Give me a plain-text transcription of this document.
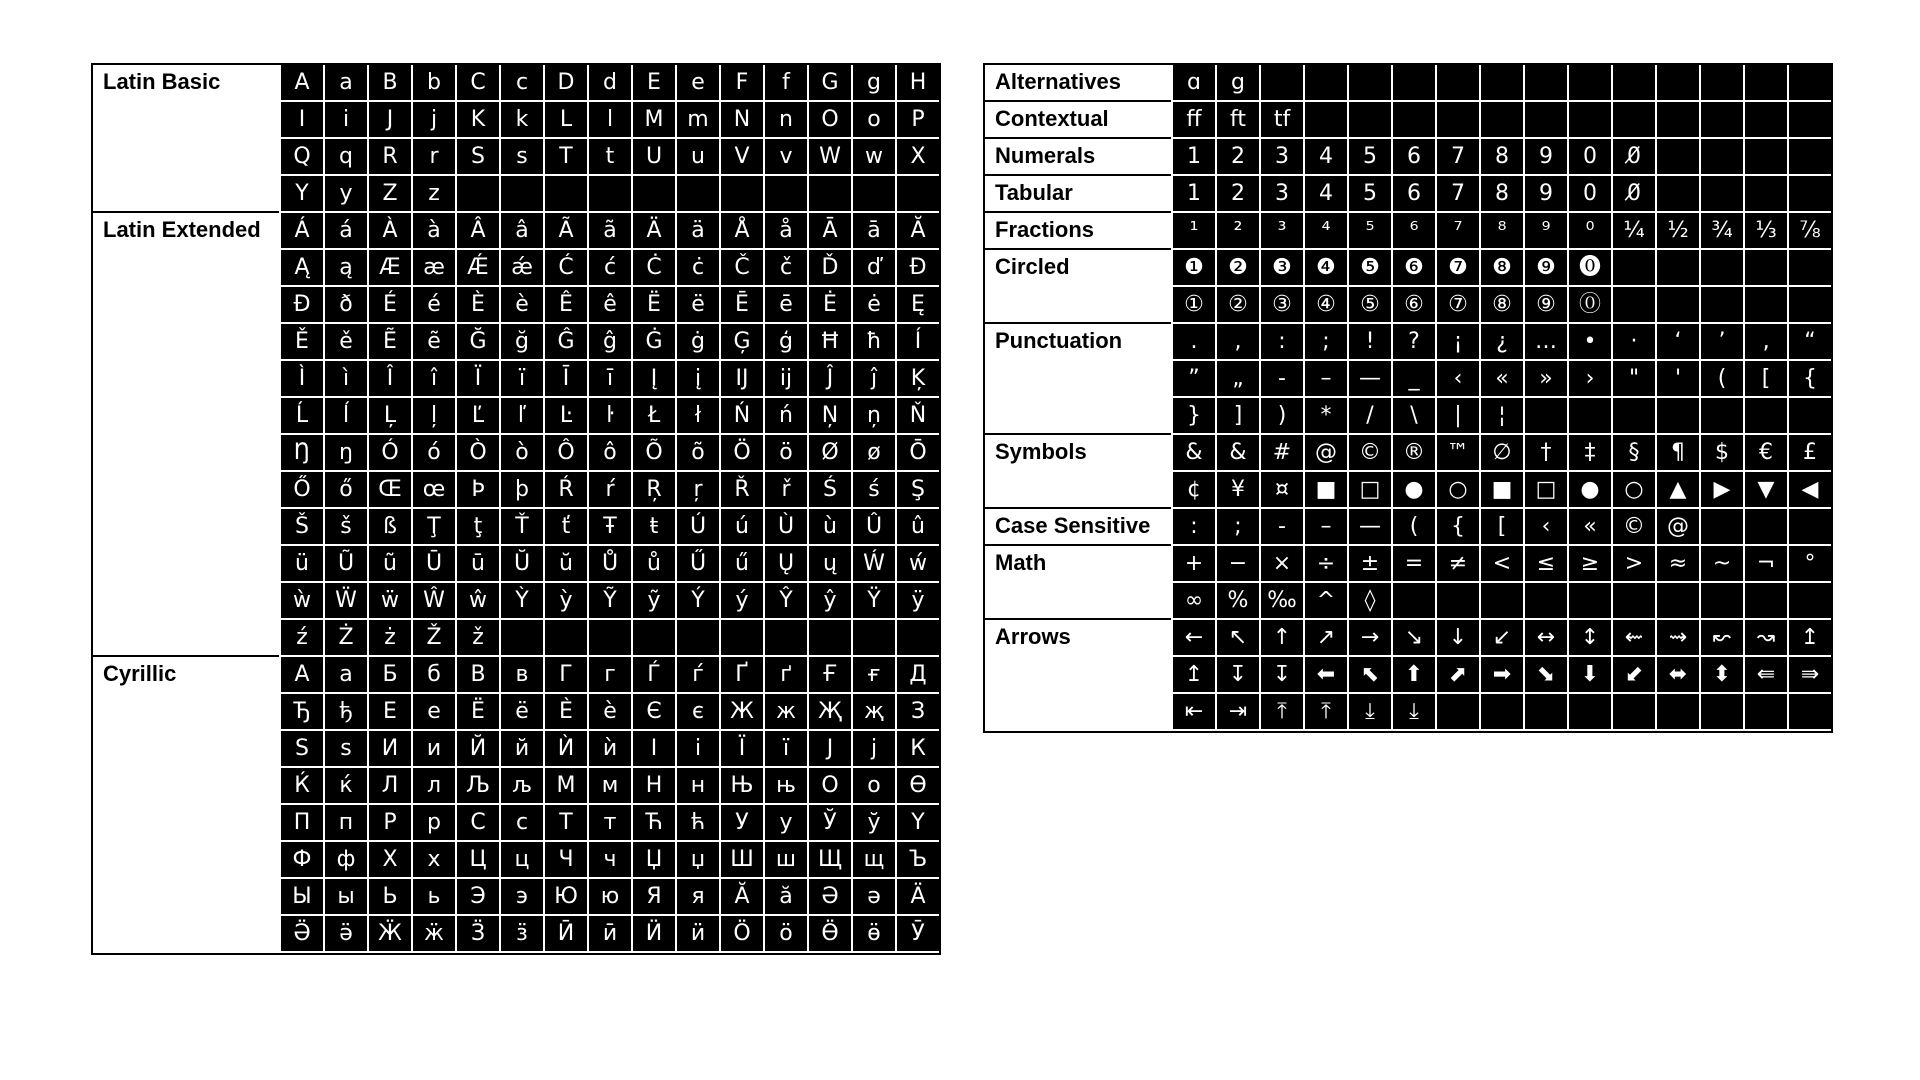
Latin Basic	A	a	B	b	C	c	D	d	E	e	F	f	G	g	H
I	i	J	j	K	k	L	l	M	m	N	n	O	o	P
Q	q	R	r	S	s	T	t	U	u	V	v	W	w	X
Y	y	Z	z
Latin Extended	Á	á	À	à	Â	â	Ã	ã	Ä	ä	Å	å	Ā	ā	Ă
Ą	ą	Æ	æ	Ǽ	ǽ	Ć	ć	Ċ	ċ	Č	č	Ď	ď	Đ
Ð	ð	É	é	È	è	Ê	ê	Ë	ë	Ē	ē	Ė	ė	Ę
Ě	ě	Ẽ	ẽ	Ğ	ğ	Ĝ	ĝ	Ġ	ġ	Ģ	ģ	Ħ	ħ	Í
Ì	ì	Î	î	Ï	ï	Ī	ī	Į	į	Ĳ	ĳ	Ĵ	ĵ	Ķ
Ĺ	ĺ	Ļ	ļ	Ľ	ľ	Ŀ	ŀ	Ł	ł	Ń	ń	Ņ	ņ	Ň
Ŋ	ŋ	Ó	ó	Ò	ò	Ô	ô	Õ	õ	Ö	ö	Ø	ø	Ō
Ő	ő	Œ œ	Þ	þ	Ŕ	ŕ	Ŗ	ŗ	Ř	ř	Ś	ś	Ş
Š	š	ß	Ţ	ţ	Ť	ť	Ŧ	ŧ	Ú	ú	Ù	ù	Û	û
ü	Ũ	ũ	Ū	ū	Ŭ	ŭ	Ů	ů	Ű	ű	Ų	ų	Ẃ	ẃ
ẁ	Ẅ	ẅ	Ŵ	ŵ	Ỳ	ỳ	Ỹ	ỹ	Ý	ý	Ŷ	ŷ	Ÿ	ÿ
ź	Ż	ż	Ž	ž
Cyrillic	А	а	Б	б	В	в	Г	г	Ѓ	ѓ	Ґ	ґ	Ғ	ғ	Д
Ђ	ђ	Е	е	Ё	ё	Ѐ	ѐ	Є	є	Ж	ж	Җ	җ	З
Ѕ	ѕ	И	и	Й	й	Ѝ	ѝ	І	і	Ї	ї	Ј	ј	К
Ќ	ќ	Л	л	Љ	љ	М	м	Н	н	Њ	њ	О	о	Ө
П	п	Р	р	С	с	Т	т	Ћ	ћ	У	у	Ў	ў	Ү
Ф	ф	Х	х	Ц	ц	Ч	ч	Џ	џ	Ш	ш Щ щ	Ъ
Ы	ы	Ь	ь	Э	э	Ю	ю	Я	я	Ӑ	ӑ	Ә	ә	Ӓ
Ӛ	ӛ	Ӝ	ӝ	Ӟ	ӟ	Ӣ	ӣ	Ӥ	ӥ	Ӧ	ӧ	Ӫ	ӫ	Ӯ
Alternatives	ɑ	g
Contextual	ff	ft	tf
Numerals	1	2	3	4	5	6	7	8	9	0	0̸
Tabular	1	2	3	4	5	6	7	8	9	0	0̸
Fractions	¹	²	³	⁴	⁵	⁶	⁷	⁸	⁹	⁰	¼	½	¾	⅓	⅞
Circled	❶	❷	❸	❹	❺	❻	❼	❽	❾	⓿
①	②	③	④	⑤	⑥	⑦	⑧	⑨	⓪
Punctuation	.	,	:	;	!	?	¡	¿	…	•	·	‘	’	‚	“
”	„	-	–	—	_	‹	«	»	›	"	'	(	[	{
}	]	)	*	/	\	|	¦
Symbols	&	&	#	@	©	®	™	∅	†	‡	§	¶	$	€	£
¢	¥	¤	■	□	●	○	■	□	●	○	▲	▶	▼	◀
Case Sensitive	:	;	-	–	—	(	{	[	‹	«	©	@
Math	+	−	×	÷	±	=	≠	<	≤	≥	>	≈	~	¬	°
∞	% ‰ ^	◊
Arrows	←	↖	↑	↗	→	↘	↓	↙	↔	↕	⇜	⇝	↜	↝	↥
↥	↧	↧	⬅	⬉	⬆	⬈	➡	⬊	⬇	⬋	⬌	⬍	⇚	⇛
⇤	⇥	⤒	⤒	⤓	⤓
